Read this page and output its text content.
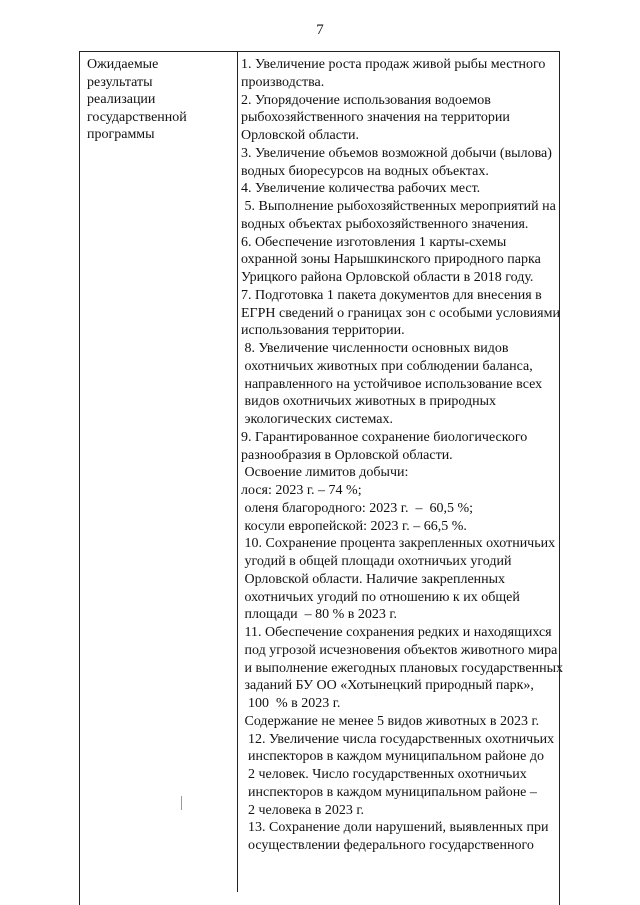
7
Ожидаемые
результаты
реализации
государственной
программы
1. Увеличение роста продаж живой рыбы местного
производства.
2. Упорядочение использования водоемов
рыбохозяйственного значения на территории
Орловской области.
3. Увеличение объемов возможной добычи (вылова)
водных биоресурсов на водных объектах.
4. Увеличение количества рабочих мест.
5. Выполнение рыбохозяйственных мероприятий на
водных объектах рыбохозяйственного значения.
6. Обеспечение изготовления 1 карты-схемы
охранной зоны Нарышкинского природного парка
Урицкого района Орловской области в 2018 году.
7. Подготовка 1 пакета документов для внесения в
ЕГРН сведений о границах зон с особыми условиями
использования территории.
8. Увеличение численности основных видов
охотничьих животных при соблюдении баланса,
направленного на устойчивое использование всех
видов охотничьих животных в природных
экологических системах.
9. Гарантированное сохранение биологического
разнообразия в Орловской области.
Освоение лимитов добычи:
лося: 2023 г. – 74 %;
оленя благородного: 2023 г.  –  60,5 %;
косули европейской: 2023 г. – 66,5 %.
10. Сохранение процента закрепленных охотничьих
угодий в общей площади охотничьих угодий
Орловской области. Наличие закрепленных
охотничьих угодий по отношению к их общей
площади  – 80 % в 2023 г.
11. Обеспечение сохранения редких и находящихся
под угрозой исчезновения объектов животного мира
и выполнение ежегодных плановых государственных
заданий БУ ОО «Хотынецкий природный парк»,
100  % в 2023 г.
Содержание не менее 5 видов животных в 2023 г.
12. Увеличение числа государственных охотничьих
инспекторов в каждом муниципальном районе до
2 человек. Число государственных охотничьих
инспекторов в каждом муниципальном районе –
2 человека в 2023 г.
13. Сохранение доли нарушений, выявленных при
осуществлении федерального государственного
